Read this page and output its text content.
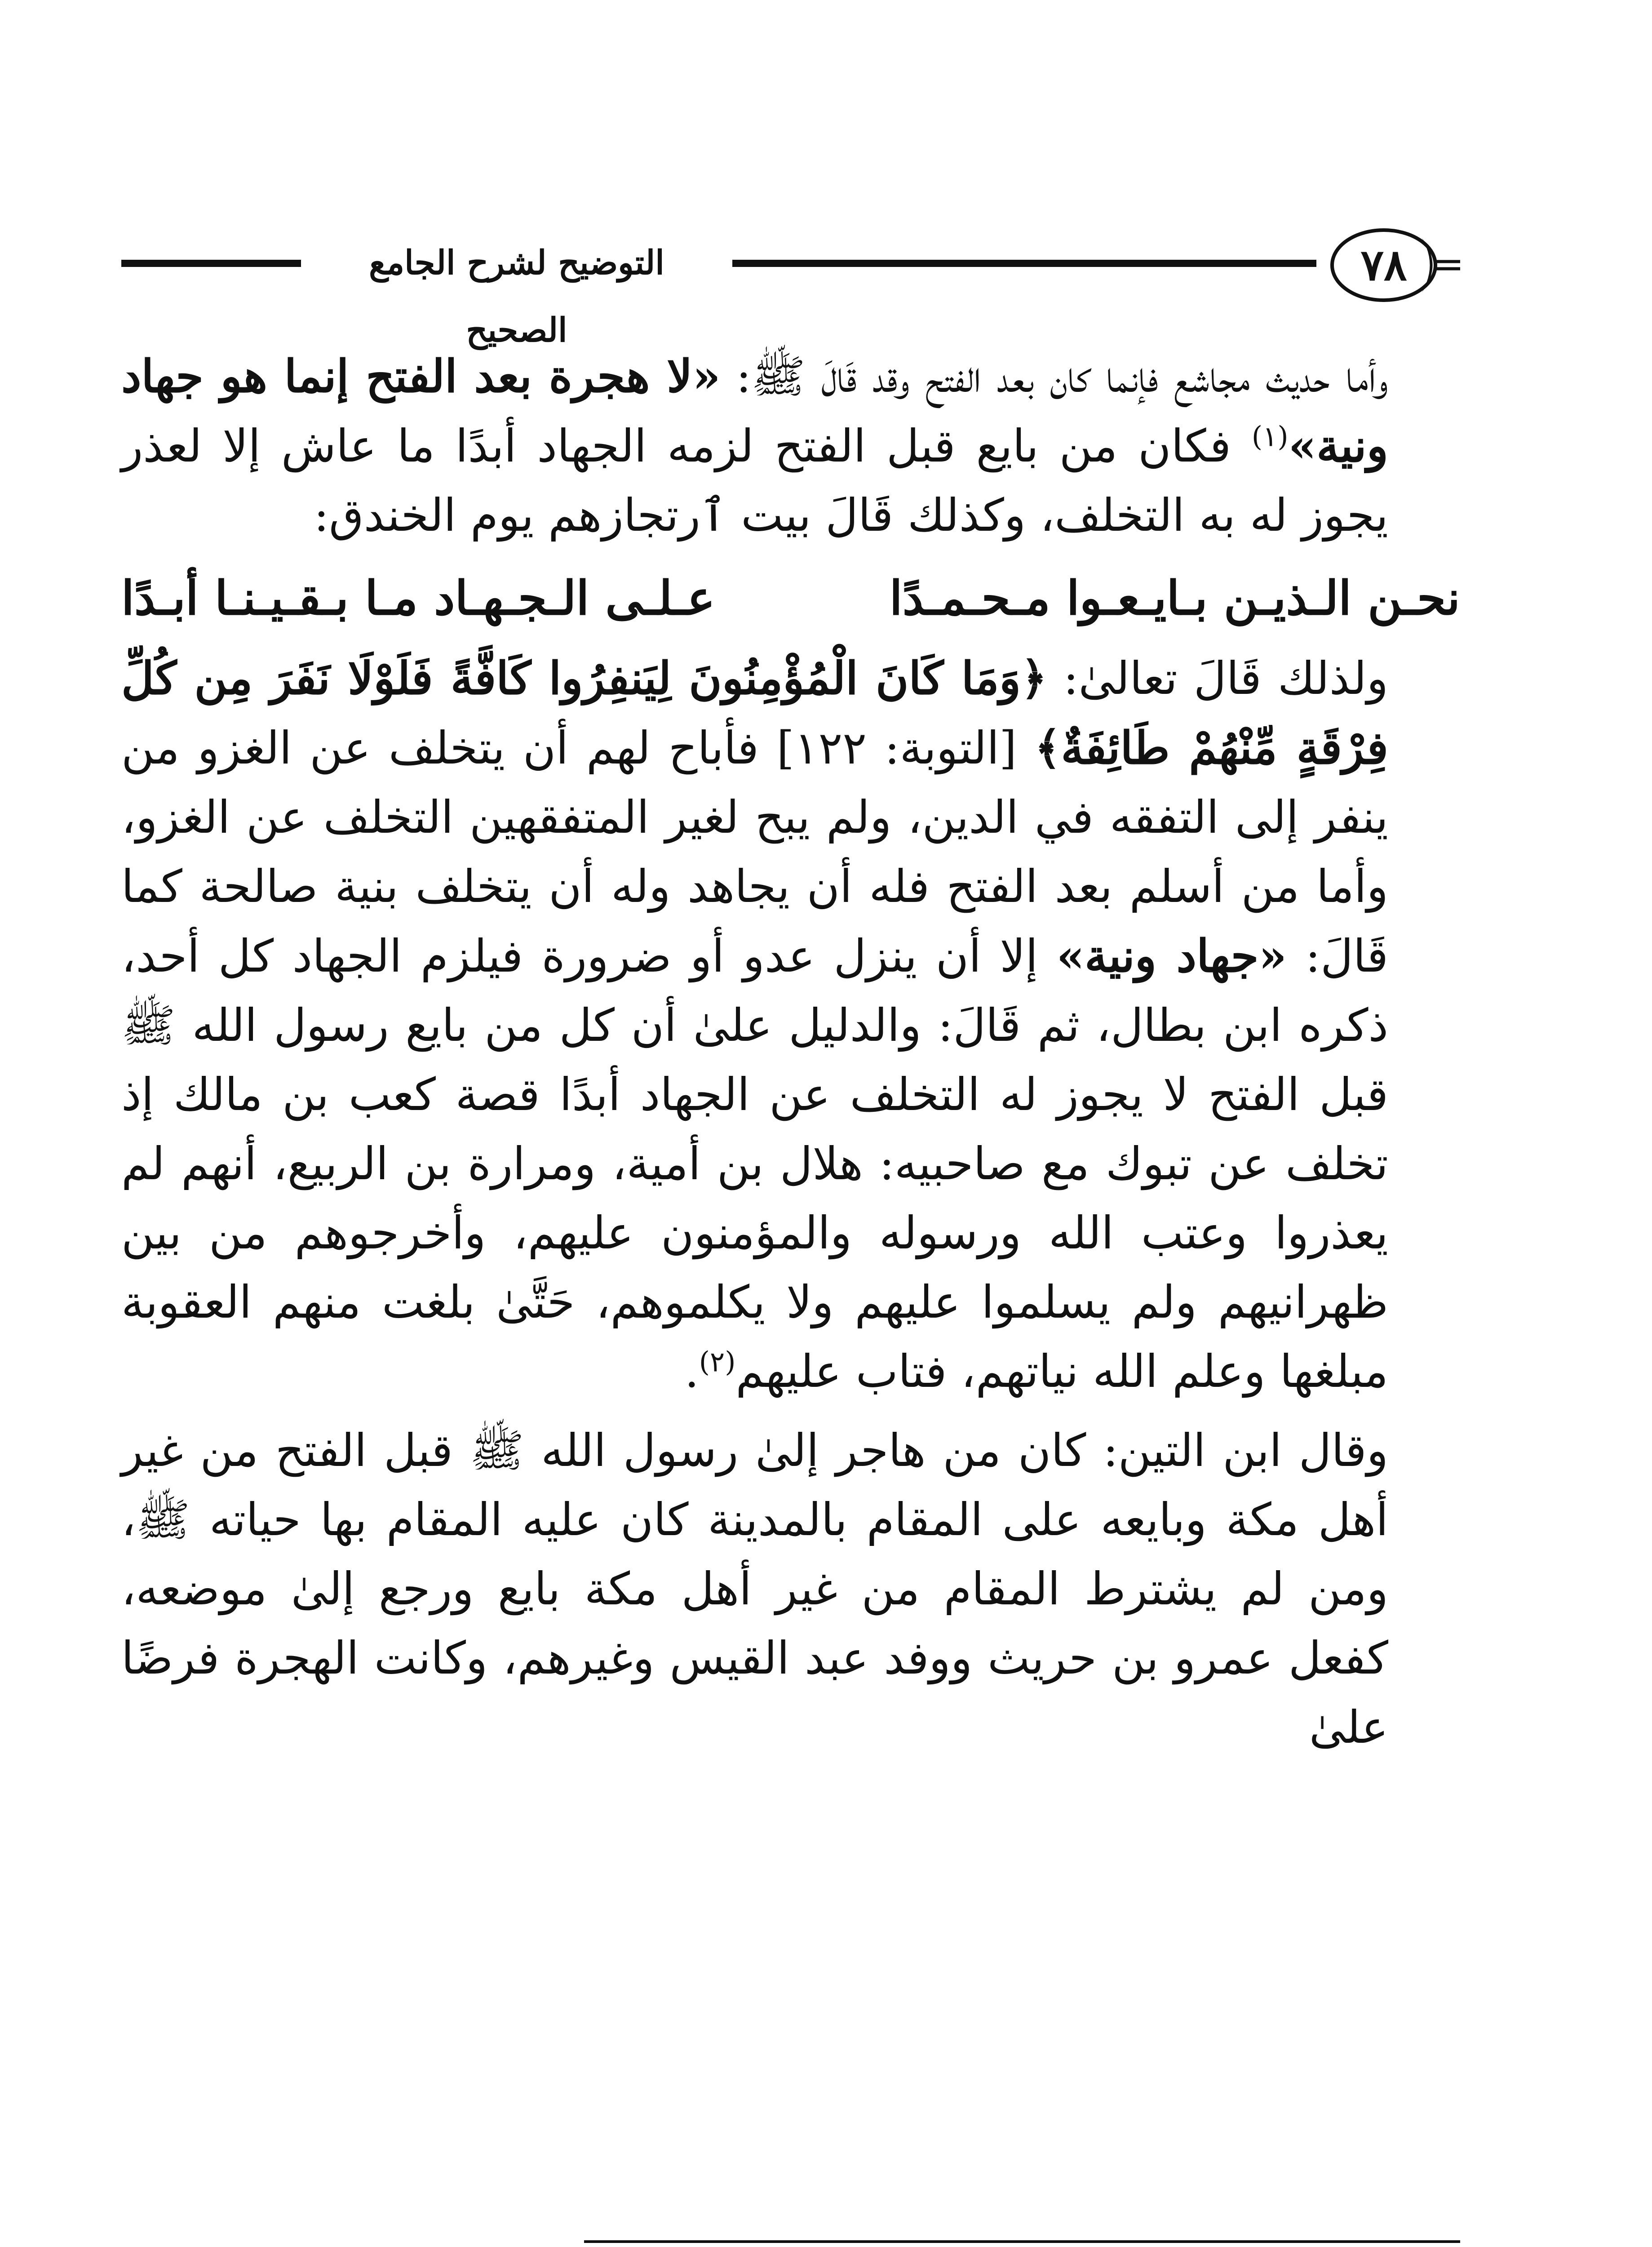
التوضيح لشرح الجامع الصحيح
٧٨

وأما حديث مجاشع فإنما كان بعد الفتح وقد قَالَ ﷺ: «لا هجرة بعد الفتح إنما هو جهاد ونية»$^{(١)}$ فكان من بايع قبل الفتح لزمه الجهاد أبدًا ما عاش إلا لعذر يجوز له به التخلف، وكذلك قَالَ بيت ٱرتجازهم يوم الخندق:

نحـن الـذيـن بـايـعـوا مـحـمـدًا
عـلـى الـجـهـاد مـا بـقـيـنـا أبـدًا

ولذلك قَالَ تعالىٰ: ﴿وَمَا كَانَ الْمُؤْمِنُونَ لِيَنفِرُوا كَافَّةً فَلَوْلَا نَفَرَ مِن كُلِّ فِرْقَةٍ مِّنْهُمْ طَائِفَةٌ﴾ [التوبة: ١٢٢] فأباح لهم أن يتخلف عن الغزو من ينفر إلى التفقه في الدين، ولم يبح لغير المتفقهين التخلف عن الغزو، وأما من أسلم بعد الفتح فله أن يجاهد وله أن يتخلف بنية صالحة كما قَالَ: «جهاد ونية» إلا أن ينزل عدو أو ضرورة فيلزم الجهاد كل أحد، ذكره ابن بطال، ثم قَالَ: والدليل علىٰ أن كل من بايع رسول الله ﷺ قبل الفتح لا يجوز له التخلف عن الجهاد أبدًا قصة كعب بن مالك إذ تخلف عن تبوك مع صاحبيه: هلال بن أمية، ومرارة بن الربيع، أنهم لم يعذروا وعتب الله ورسوله والمؤمنون عليهم، وأخرجوهم من بين ظهرانيهم ولم يسلموا عليهم ولا يكلموهم، حَتَّىٰ بلغت منهم العقوبة مبلغها وعلم الله نياتهم، فتاب عليهم$^{(٢)}$.

وقال ابن التين: كان من هاجر إلىٰ رسول الله ﷺ قبل الفتح من غير أهل مكة وبايعه على المقام بالمدينة كان عليه المقام بها حياته ﷺ، ومن لم يشترط المقام من غير أهل مكة بايع ورجع إلىٰ موضعه، كفعل عمرو بن حريث ووفد عبد القيس وغيرهم، وكانت الهجرة فرضًا علىٰ
